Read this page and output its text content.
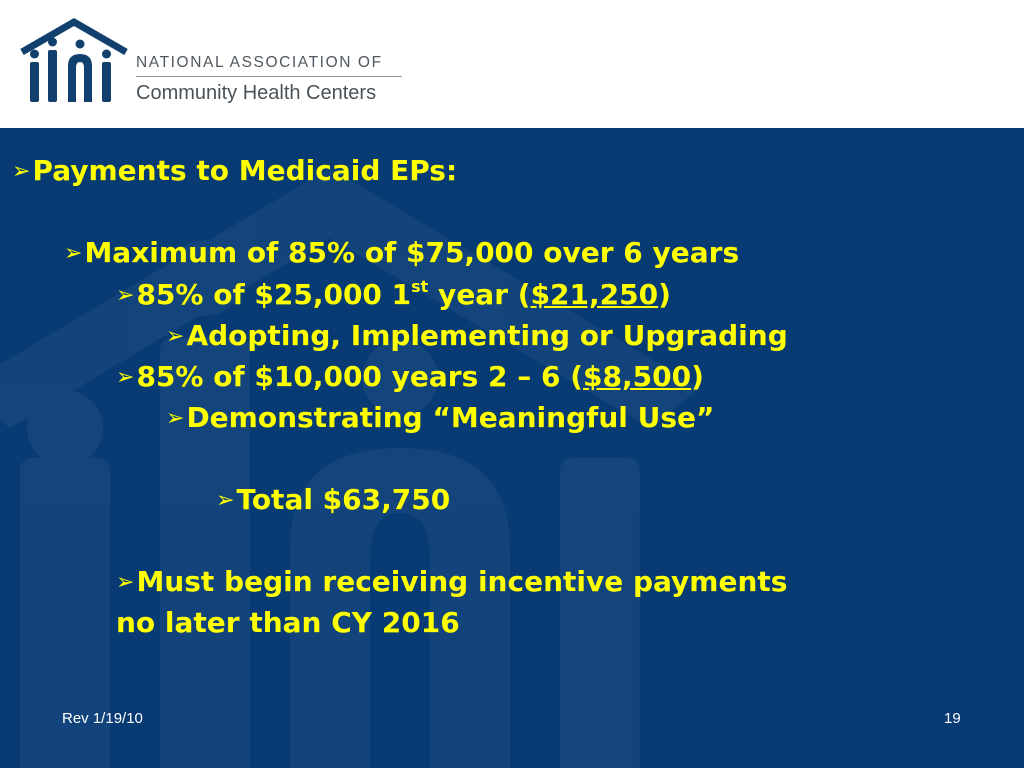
NATIONAL ASSOCIATION OF
Community Health Centers
➢Payments to Medicaid EPs:
➢Maximum of 85% of $75,000 over 6 years
➢85% of $25,000 1st year ($21,250)
➢Adopting, Implementing or Upgrading
➢85% of $10,000 years 2 – 6 ($8,500)
➢Demonstrating “Meaningful Use”
➢Total $63,750
➢Must begin receiving incentive payments
no later than CY 2016
Rev 1/19/10	19
